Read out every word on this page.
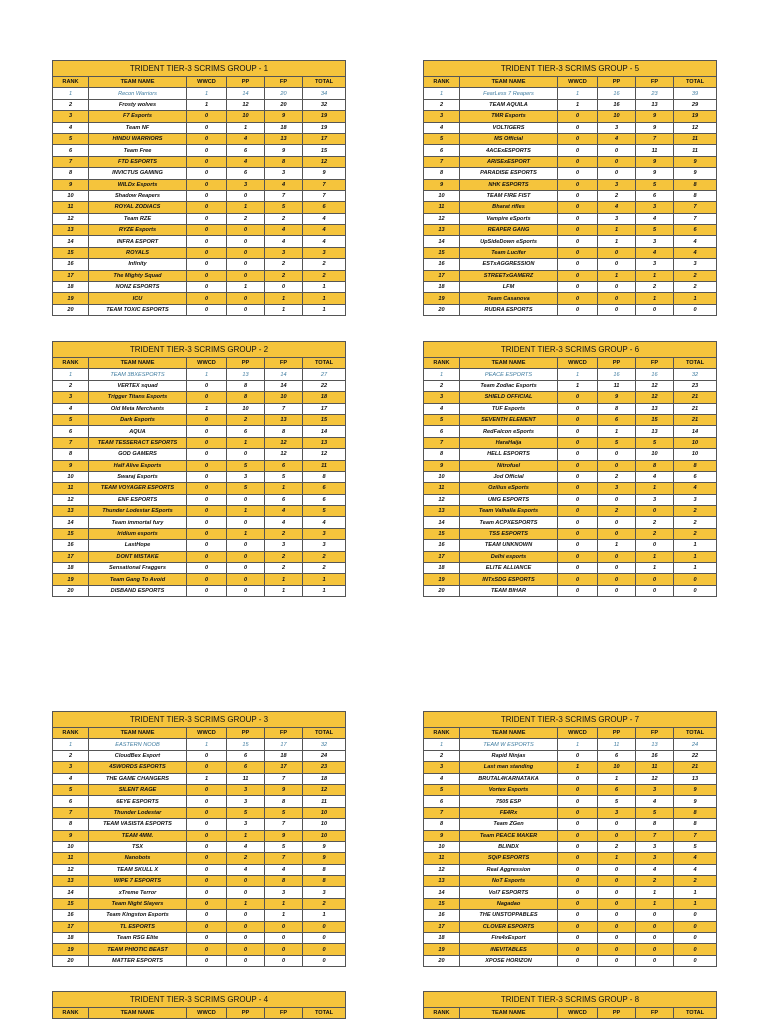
TRIDENT TIER-3 SCRIMS GROUP - 1					
RANK	TEAM NAME	WWCD	PP	FP	TOTAL
1	Recon Warriors	1	14	20	34
2	Frosty wolves	1	12	20	32
3	F7 Esports	0	10	9	19
4	Team NF	0	1	18	19
5	HINDU WARRIORS	0	4	13	17
6	Team Free	0	6	9	15
7	FTD ESPORTS	0	4	8	12
8	INVICTUS GAMING	0	6	3	9
9	WILDx Esports	0	3	4	7
10	Shadow Reapers	0	0	7	7
11	ROYAL ZODIACS	0	1	5	6
12	Team RZE	0	2	2	4
13	RYZE Esports	0	0	4	4
14	INFRA ESPORT	0	0	4	4
15	ROYALS	0	0	3	3
16	Infinity	0	0	2	2
17	The Mighty Squad	0	0	2	2
18	NONZ ESPORTS	0	1	0	1
19	ICU	0	0	1	1
20	TEAM TOXIC ESPORTS	0	0	1	1
TRIDENT TIER-3 SCRIMS GROUP - 5					
RANK	TEAM NAME	WWCD	PP	FP	TOTAL
1	FearLess 7 Reapers	1	16	23	39
2	TEAM AQUILA	1	16	13	29
3	TMR Esports	0	10	9	19
4	VOLTIGERS	0	3	9	12
5	MS Official	0	4	7	11
6	4ACExESPORTS	0	0	11	11
7	ARISExESPORT	0	0	9	9
8	PARADISE ESPORTS	0	0	9	9
9	NHK ESPORTS	0	3	5	8
10	TEAM FIRE FIST	0	2	6	8
11	Bharat rifles	0	4	3	7
12	Vampire eSports	0	3	4	7
13	REAPER GANG	0	1	5	6
14	UpSideDown eSports	0	1	3	4
15	Team Lucifer	0	0	4	4
16	ESTxAGGRESSION	0	0	3	3
17	STREETxGAMERZ	0	1	1	2
18	LFM	0	0	2	2
19	Team Casanova	0	0	1	1
20	RUDRA ESPORTS	0	0	0	0
TRIDENT TIER-3 SCRIMS GROUP - 2					
RANK	TEAM NAME	WWCD	PP	FP	TOTAL
1	TEAM 3BXESPORTS	1	13	14	27
2	VERTEX squad	0	8	14	22
3	Trigger Titans Esports	0	8	10	18
4	Old Meta Merchants	1	10	7	17
5	Dark Esports	0	2	13	15
6	AQUA	0	6	8	14
7	TEAM TESSERACT ESPORTS	0	1	12	13
8	GOD GAMERS	0	0	12	12
9	Half Alive Esports	0	5	6	11
10	Swaraj Esports	0	3	5	8
11	TEAM VOYAGER ESPORTS	0	5	1	6
12	ENF ESPORTS	0	0	6	6
13	Thunder Lodestar ESports	0	1	4	5
14	Team immortal fury	0	0	4	4
15	Iridium esports	0	1	2	3
16	LastHope	0	0	3	3
17	DONT MISTAKE	0	0	2	2
18	Sensational Fraggers	0	0	2	2
19	Team Gang To Avoid	0	0	1	1
20	DISBAND ESPORTS	0	0	1	1
TRIDENT TIER-3 SCRIMS GROUP - 6					
RANK	TEAM NAME	WWCD	PP	FP	TOTAL
1	PEACE ESPORTS	1	16	16	32
2	Team Zodiac Esports	1	11	12	23
3	SHIELD OFFICIAL	0	9	12	21
4	TUF Esports	0	8	13	21
5	SEVENTH ELEMENT	0	6	15	21
6	RedFalcon eSports	0	1	13	14
7	HaraHaija	0	5	5	10
8	HELL ESPORTS	0	0	10	10
9	Nitrofuel	0	0	8	8
10	Jod Official	0	2	4	6
11	Ozilius eSports	0	3	1	4
12	UMG ESPORTS	0	0	3	3
13	Team Valhalla Esports	0	2	0	2
14	Team ACPXESPORTS	0	0	2	2
15	TSS ESPORTS	0	0	2	2
16	TEAM UNKNOWN	0	1	0	1
17	Delhi esports	0	0	1	1
18	ELITE ALLIANCE	0	0	1	1
19	INTxSDG ESPORTS	0	0	0	0
20	TEAM BIHAR	0	0	0	0
TRIDENT TIER-3 SCRIMS GROUP - 3					
RANK	TEAM NAME	WWCD	PP	FP	TOTAL
1	EASTERN NOOB	1	15	17	32
2	CloudBex Esport	0	6	18	24
3	4SWORDS ESPORTS	0	6	17	23
4	THE GAME CHANGERS	1	11	7	18
5	SILENT RAGE	0	3	9	12
6	6EYE ESPORTS	0	3	8	11
7	Thunder Lodestar	0	5	5	10
8	TEAM VASISTA ESPORTS	0	3	7	10
9	TEAM 4MM.	0	1	9	10
10	TSX	0	4	5	9
11	Nanobots	0	2	7	9
12	TEAM SKULL X	0	4	4	8
13	WIPE 7 ESPORTS	0	0	8	8
14	xTreme Terror	0	0	3	3
15	Team Night Slayers	0	1	1	2
16	Team Kingston Esports	0	0	1	1
17	TL ESPORTS	0	0	0	0
18	Team RSG Elite	0	0	0	0
19	TEAM PHIOTIC BEAST	0	0	0	0
20	MATTER ESPORTS	0	0	0	0
TRIDENT TIER-3 SCRIMS GROUP - 7					
RANK	TEAM NAME	WWCD	PP	FP	TOTAL
1	TEAM W ESPORTS	1	11	13	24
2	Rapid Ninjas	0	6	16	22
3	Last man standing	1	10	11	21
4	BRUTAL4KARNATAKA	0	1	12	13
5	Vortex Esports	0	6	3	9
6	7505 ESP	0	5	4	9
7	FE4Rx	0	3	5	8
8	Team ZGen	0	0	8	8
9	Team PEACE MAKER	0	0	7	7
10	BLINDX	0	2	3	5
11	SQiP ESPORTS	0	1	3	4
12	Real Aggression	0	0	4	4
13	NoT Esports	0	0	2	2
14	Vol7 ESPORTS	0	0	1	1
15	Nagadao	0	0	1	1
16	THE UNSTOPPABLES	0	0	0	0
17	CLOVER ESPORTS	0	0	0	0
18	Fire4xEsport	0	0	0	0
19	iNEVITABLES	0	0	0	0
20	XPOSE HORIZON	0	0	0	0
TRIDENT TIER-3 SCRIMS GROUP - 4
RANK	TEAM NAME	WWCD	PP	FP	TOTAL
TRIDENT TIER-3 SCRIMS GROUP - 8
RANK	TEAM NAME	WWCD	PP	FP	TOTAL
